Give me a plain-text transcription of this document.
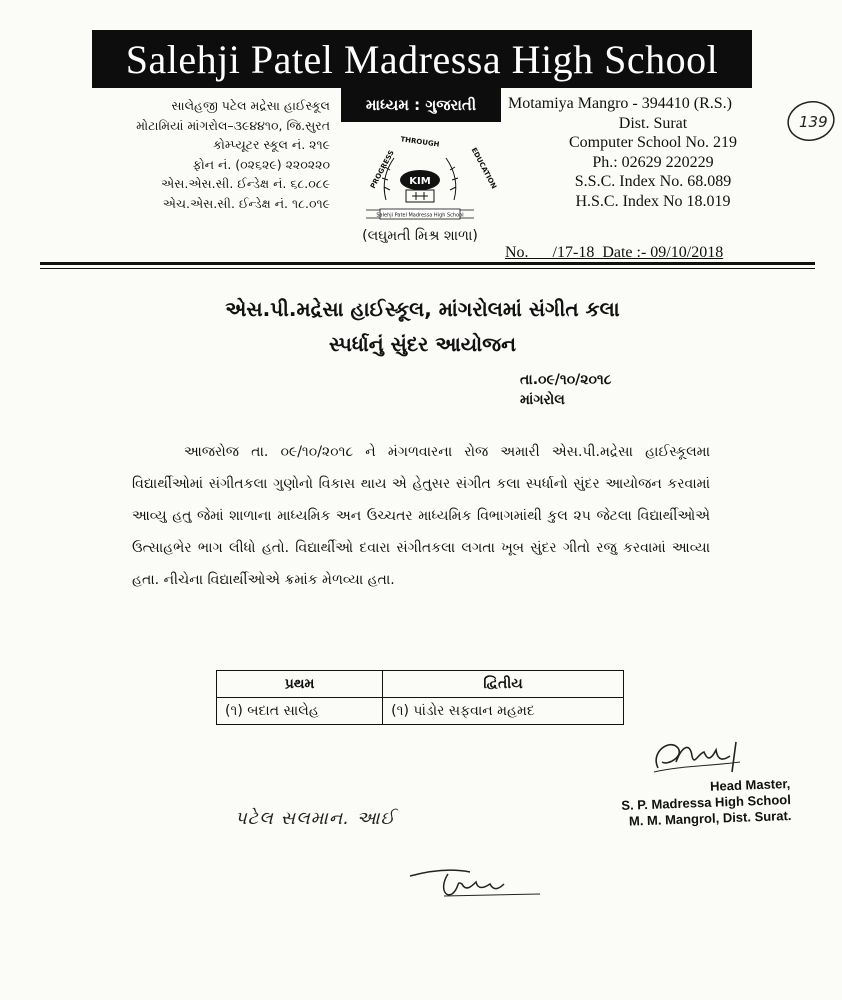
Salehji Patel Madressa High School
માધ્યમ : ગુજરાતી
સાલેહજી પટેલ મદ્રેસા હાઈસ્કૂલ
મોટામિયાં માંગરોલ–૩૯૪૪૧૦, જિ.સુરત
કોમ્પ્યૂટર સ્કૂલ નં. ૨૧૯
ફોન નં. (૦૨૬૨૯) ૨૨૦૨૨૦
એસ.એસ.સી. ઈન્ડેક્ષ નં. ૬૮.૦૮૯
એચ.એસ.સી. ઈન્ડેક્ષ નં. ૧૮.૦૧૯
Motamiya Mangro - 394410 (R.S.)
Dist. Surat
Computer School No. 219
Ph.: 02629 220229
S.S.C. Index No. 68.089
H.S.C. Index No 18.019
139
PROGRESS
THROUGH
EDUCATION
KIM
Salehji Patel Madressa High School
(લઘુમતી મિશ્ર શાળા)
No.      /17-18  Date :- 09/10/2018
એસ.પી.મદ્રેસા હાઈસ્કૂલ, માંગરોલમાં સંગીત કલા
સ્પર્ધાનું સુંદર આયોજન
તા.૦૯/૧૦/૨૦૧૮
માંગરોલ
આજરોજ તા. ૦૯/૧૦/૨૦૧૮ ને મંગળવારના રોજ અમારી એસ.પી.મદ્રેસા હાઈસ્કૂલમા વિદ્યાર્થીઓમાં સંગીતકલા ગુણોનો વિકાસ થાય એ હેતુસર સંગીત કલા સ્પર્ધાનો સુંદર આયોજન કરવામાં આવ્યુ હતુ જેમાં શાળાના માધ્યમિક અન ઉચ્ચતર માધ્યમિક વિભાગમાંથી કુલ ૨૫ જેટલા વિદ્યાર્થીઓએ ઉત્સાહભેર ભાગ લીધો હતો. વિદ્યાર્થીઓ દવારા સંગીતકલા લગતા ખૂબ સુંદર ગીતો રજુ કરવામાં આવ્યા હતા. નીચેના વિદ્યાર્થીઓએ ક્રમાંક મેળવ્યા હતા.
પ્રથમ	દ્વિતીય
(૧) બદાત સાલેહ	(૧) પાંડોર સફવાન મહમદ
Head Master,
S. P. Madressa High School
M. M. Mangrol, Dist. Surat.
પટેલ સલમાન. આઈ
